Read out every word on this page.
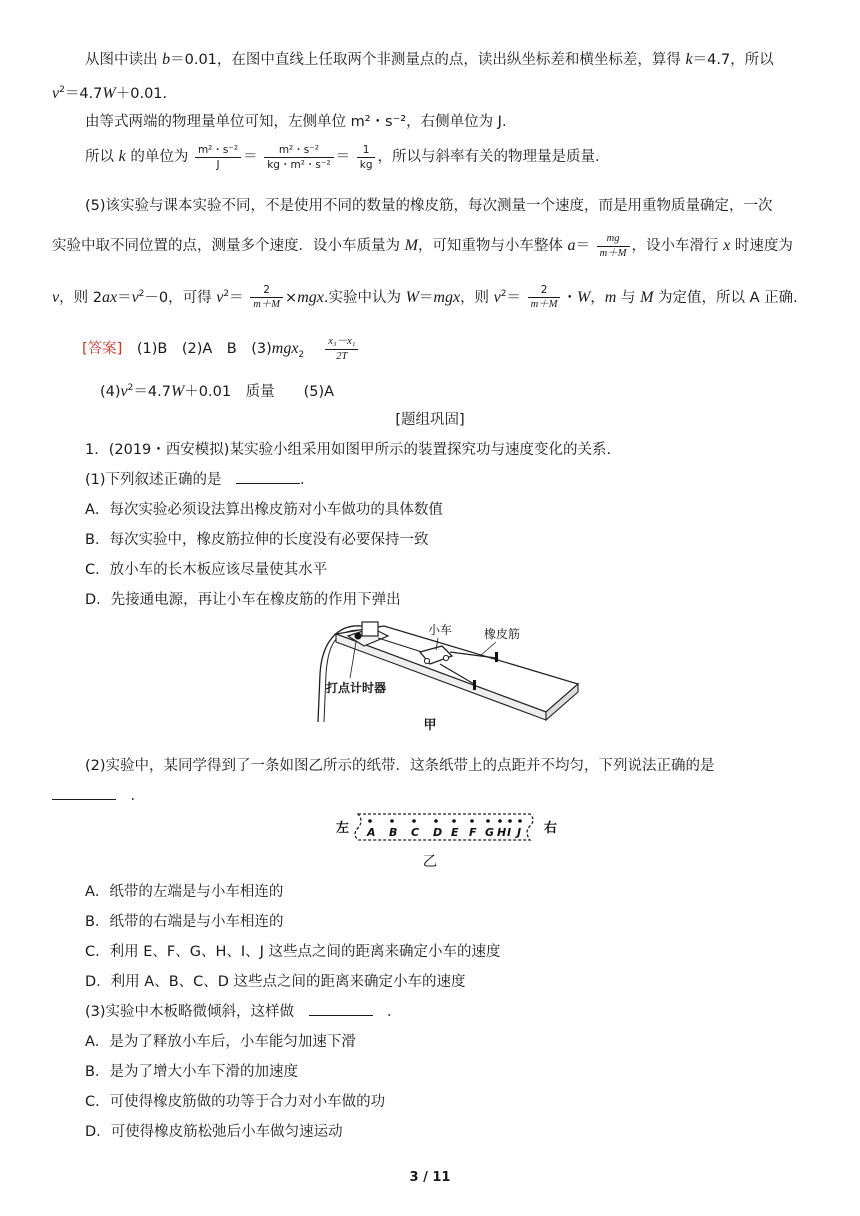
从图中读出 b＝0.01，在图中直线上任取两个非测量点的点，读出纵坐标差和横坐标差，算得 k＝4.7，所以
$v^2=4.7W+0.01$.
由等式两端的物理量单位可知，左侧单位 m²・s⁻²，右侧单位为 J.
所以 k 的单位为 $\frac{\text{m²・s⁻²}}{J} = \frac{\text{m²・s⁻²}}{\text{kg・m²・s⁻²}} = \frac{1}{kg}$ ，所以与斜率有关的物理量是质量.
(5)该实验与课本实验不同，不是使用不同的数量的橡皮筋，每次测量一个速度，而是用重物质量确定，一次
实验中取不同位置的点，测量多个速度．设小车质量为 M，可知重物与小车整体 $a= \frac{mg}{m+M}$ ，设小车滑行 x 时速度为
v，则 $2ax=v^2-0$，可得 $v^2= \frac{2}{m+M} \times mgx$.实验中认为 W＝mgx，则 $v^2= \frac{2}{m+M}$ ・W，m 与 M 为定值，所以 A 正确.
[答案]　 (1)B　(2)A　B　(3)mgx$_2$　 $\frac{\text{x₃－x₁}}{2T}$
$(4)v^2=4.7W+0.01$　质量　　(5)A
[题组巩固]
1．(2019・西安模拟)某实验小组采用如图甲所示的装置探究功与速度变化的关系.
(1)下列叙述正确的是　	．
A．每次实验必须设法算出橡皮筋对小车做功的具体数值
B．每次实验中，橡皮筋拉伸的长度没有必要保持一致
C．放小车的长木板应该尽量使其水平
D．先接通电源，再让小车在橡皮筋的作用下弹出
小车	橡皮筋
打点计时器
甲
(2)实验中，某同学得到了一条如图乙所示的纸带．这条纸带上的点距并不均匀，下列说法正确的是
　．
左	右
A B C D E F G H I J
乙
A．纸带的左端是与小车相连的
B．纸带的右端是与小车相连的
C．利用 E、F、G、H、I、J 这些点之间的距离来确定小车的速度
D．利用 A、B、C、D 这些点之间的距离来确定小车的速度
(3)实验中木板略微倾斜，这样做　　	．
A．是为了释放小车后，小车能匀加速下滑
B．是为了增大小车下滑的加速度
C．可使得橡皮筋做的功等于合力对小车做的功
D．可使得橡皮筋松弛后小车做匀速运动
3 / 11
